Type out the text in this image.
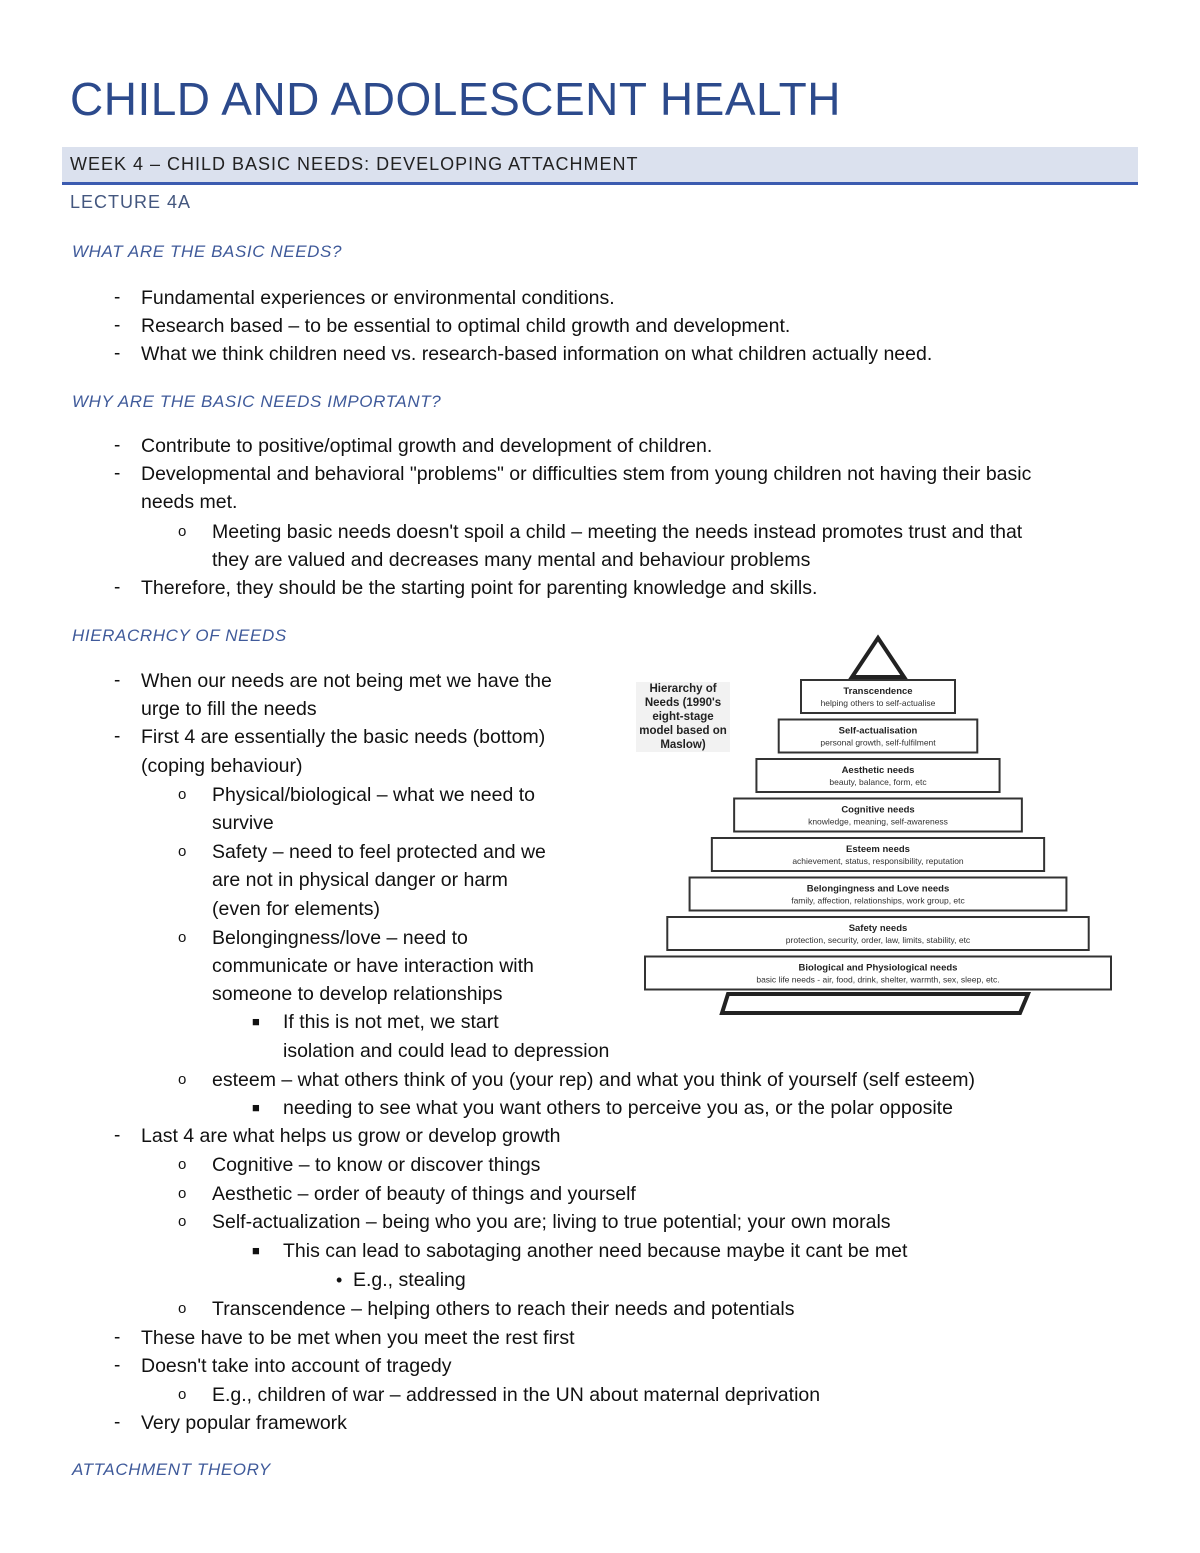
CHILD AND ADOLESCENT HEALTH
WEEK 4 – CHILD BASIC NEEDS: DEVELOPING ATTACHMENT
LECTURE 4A
WHAT ARE THE BASIC NEEDS?
- Fundamental experiences or environmental conditions.
- Research based – to be essential to optimal child growth and development.
- What we think children need vs. research-based information on what children actually need.
WHY ARE THE BASIC NEEDS IMPORTANT?
- Contribute to positive/optimal growth and development of children.
- Developmental and behavioral "problems" or difficulties stem from young children not having their basic
needs met.
o Meeting basic needs doesn't spoil a child – meeting the needs instead promotes trust and that
they are valued and decreases many mental and behaviour problems
- Therefore, they should be the starting point for parenting knowledge and skills.
HIERACRHCY OF NEEDS
- When our needs are not being met we have the
urge to fill the needs
- First 4 are essentially the basic needs (bottom)
(coping behaviour)
o Physical/biological – what we need to
survive
o Safety – need to feel protected and we
are not in physical danger or harm
(even for elements)
o Belongingness/love – need to
communicate or have interaction with
someone to develop relationships
■ If this is not met, we start
isolation and could lead to depression
o esteem – what others think of you (your rep) and what you think of yourself (self esteem)
■ needing to see what you want others to perceive you as, or the polar opposite
- Last 4 are what helps us grow or develop growth
o Cognitive – to know or discover things
o Aesthetic – order of beauty of things and yourself
o Self-actualization – being who you are; living to true potential; your own morals
■ This can lead to sabotaging another need because maybe it cant be met
• E.g., stealing
o Transcendence – helping others to reach their needs and potentials
- These have to be met when you meet the rest first
- Doesn't take into account of tragedy
o E.g., children of war – addressed in the UN about maternal deprivation
- Very popular framework
ATTACHMENT THEORY
Hierarchy of Needs (1990's eight-stage model based on Maslow)
Transcendence
helping others to self-actualise
Self-actualisation
personal growth, self-fulfilment
Aesthetic needs
beauty, balance, form, etc
Cognitive needs
knowledge, meaning, self-awareness
Esteem needs
achievement, status, responsibility, reputation
Belongingness and Love needs
family, affection, relationships, work group, etc
Safety needs
protection, security, order, law, limits, stability, etc
Biological and Physiological needs
basic life needs - air, food, drink, shelter, warmth, sex, sleep, etc.
